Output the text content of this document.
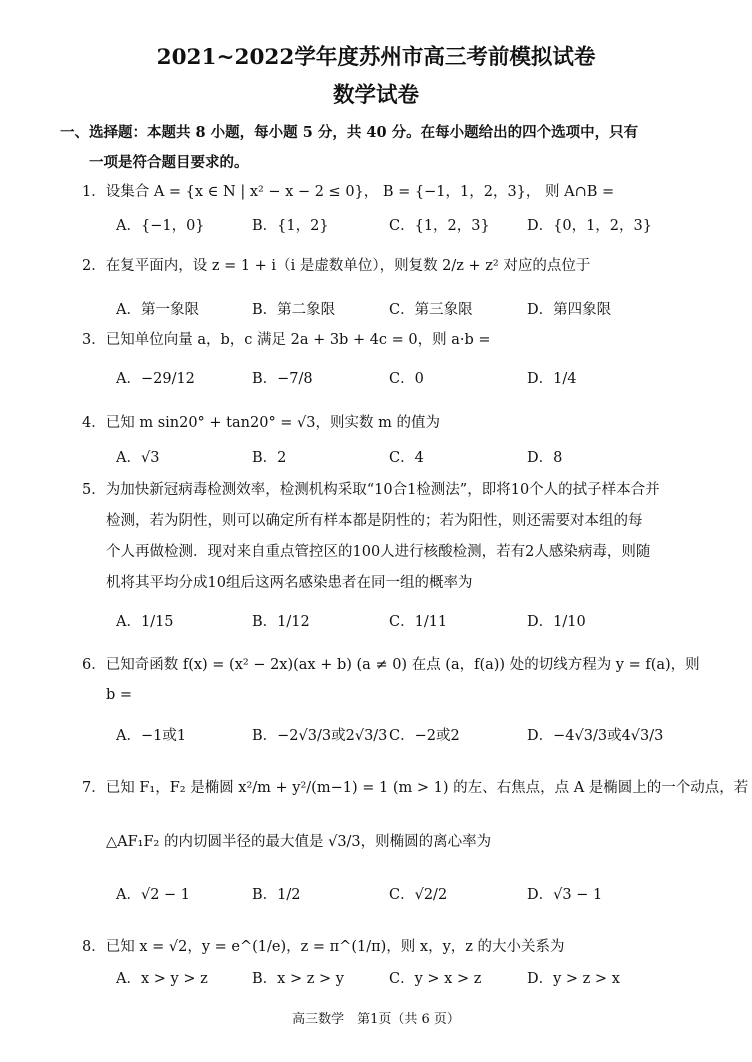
2021~2022学年度苏州市高三考前模拟试卷
数学试卷
一、选择题：本题共 8 小题，每小题 5 分，共 40 分。在每小题给出的四个选项中，只有
一项是符合题目要求的。
1．设集合 A = {x ∈ N | x² − x − 2 ≤ 0}， B = {−1，1，2，3}， 则 A∩B =
A．{−1，0}	B．{1，2}	C．{1，2，3}	D．{0，1，2，3}
2．在复平面内，设 z = 1 + i（i 是虚数单位），则复数 2/z + z² 对应的点位于
A．第一象限	B．第二象限	C．第三象限	D．第四象限
3．已知单位向量 a，b，c 满足 2a + 3b + 4c = 0，则 a·b =
A．−29/12	B．−7/8	C．0	D．1/4
4．已知 m sin20° + tan20° = √3，则实数 m 的值为
A．√3	B．2	C．4	D．8
5．为加快新冠病毒检测效率，检测机构采取“10合1检测法”，即将10个人的拭子样本合并
检测，若为阴性，则可以确定所有样本都是阴性的；若为阳性，则还需要对本组的每
个人再做检测．现对来自重点管控区的100人进行核酸检测，若有2人感染病毒，则随
机将其平均分成10组后这两名感染患者在同一组的概率为
A．1/15	B．1/12	C．1/11	D．1/10
6．已知奇函数 f(x) = (x² − 2x)(ax + b) (a ≠ 0) 在点 (a，f(a)) 处的切线方程为 y = f(a)，则
b =
A．−1或1	B．−2√3/3或2√3/3 C．−2或2	D．−4√3/3或4√3/3
7．已知 F₁，F₂ 是椭圆 x²/m + y²/(m−1) = 1 (m > 1) 的左、右焦点，点 A 是椭圆上的一个动点，若
△AF₁F₂ 的内切圆半径的最大值是 √3/3，则椭圆的离心率为
A．√2 − 1	B．1/2	C．√2/2	D．√3 − 1
8．已知 x = √2，y = e^(1/e)，z = π^(1/π)，则 x，y，z 的大小关系为
A．x > y > z	B．x > z > y	C．y > x > z	D．y > z > x
高三数学　第1页（共 6 页）
